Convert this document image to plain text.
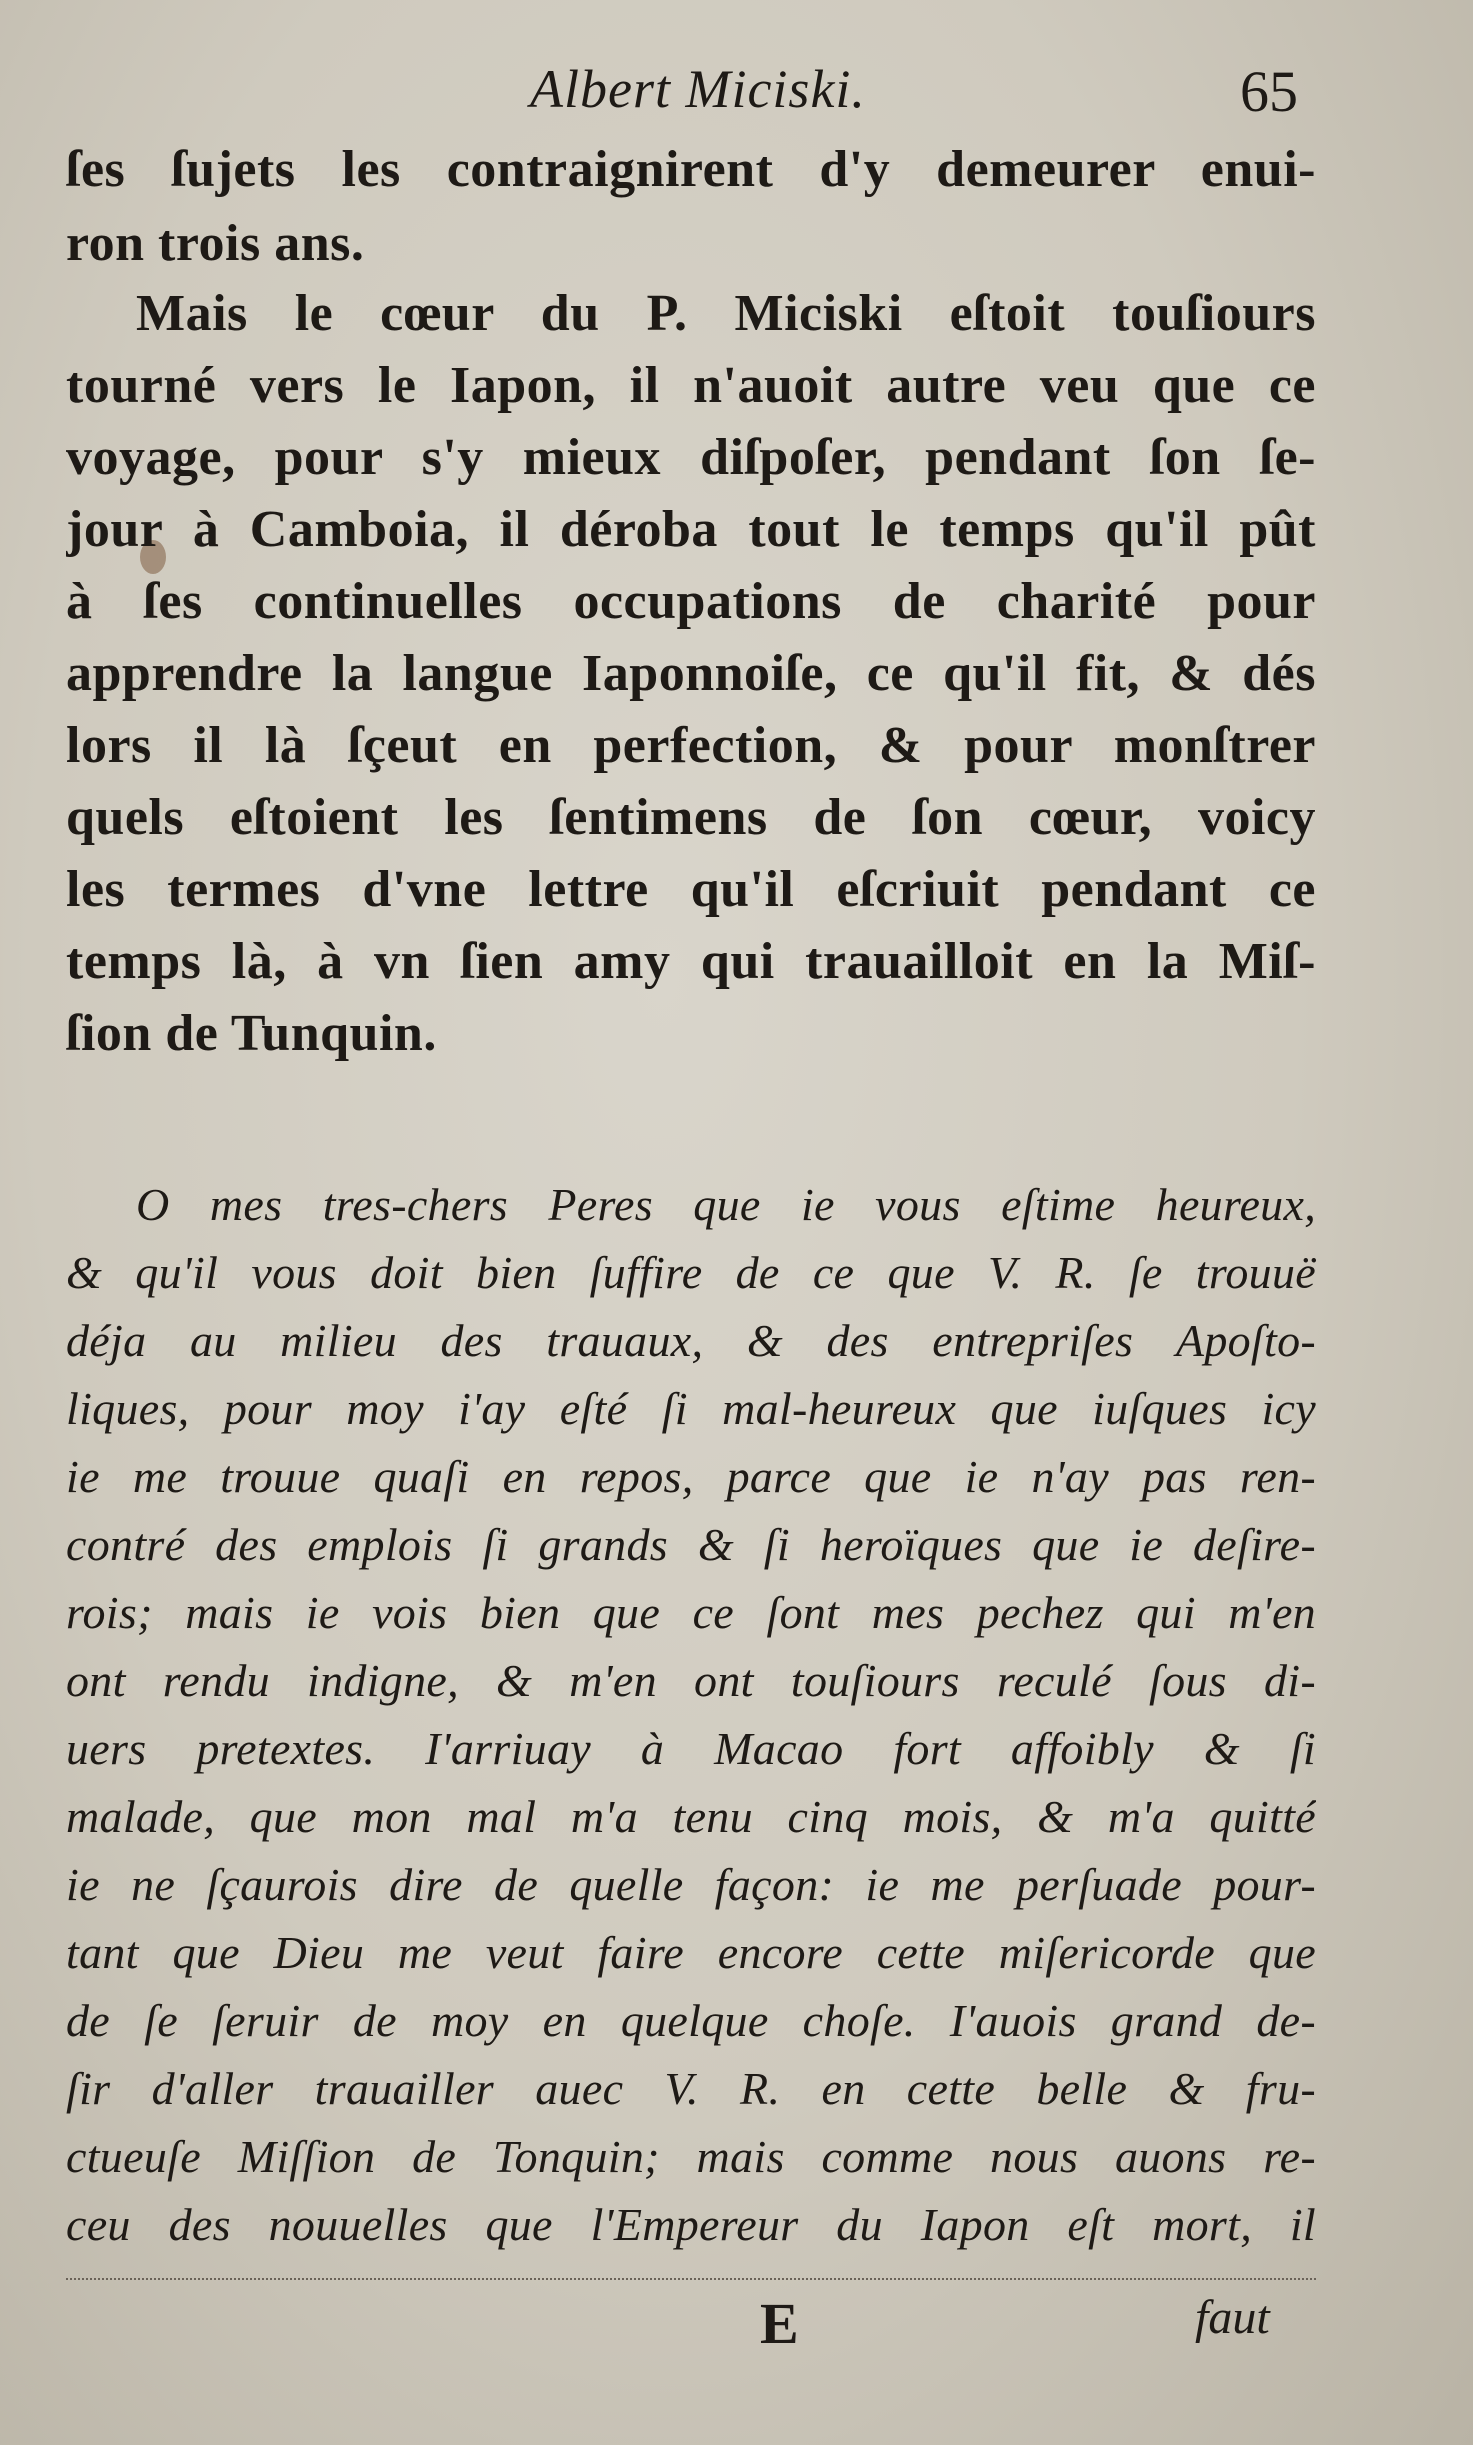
Albert Miciski.	65
ſes ſujets les contraignirent d'y demeurer enui-
ron trois ans.
Mais le cœur du P. Miciski eſtoit touſiours
tourné vers le Iapon, il n'auoit autre veu que ce
voyage, pour s'y mieux diſpoſer, pendant ſon ſe-
jour à Camboia, il déroba tout le temps qu'il pût
à ſes continuelles occupations de charité pour
apprendre la langue Iaponnoiſe, ce qu'il fit, & dés
lors il là ſçeut en perfection, & pour monſtrer
quels eſtoient les ſentimens de ſon cœur, voicy
les termes d'vne lettre qu'il eſcriuit pendant ce
temps là, à vn ſien amy qui trauailloit en la Miſ-
ſion de Tunquin.
O mes tres-chers Peres que ie vous eſtime heureux,
& qu'il vous doit bien ſuffire de ce que V. R. ſe trouuë
déja au milieu des trauaux, & des entrepriſes Apoſto-
liques, pour moy i'ay eſté ſi mal-heureux que iuſques icy
ie me trouue quaſi en repos, parce que ie n'ay pas ren-
contré des emplois ſi grands & ſi heroïques que ie deſire-
rois; mais ie vois bien que ce ſont mes pechez qui m'en
ont rendu indigne, & m'en ont touſiours reculé ſous di-
uers pretextes. I'arriuay à Macao fort affoibly & ſi
malade, que mon mal m'a tenu cinq mois, & m'a quitté
ie ne ſçaurois dire de quelle façon: ie me perſuade pour-
tant que Dieu me veut faire encore cette miſericorde que
de ſe ſeruir de moy en quelque choſe. I'auois grand de-
ſir d'aller trauailler auec V. R. en cette belle & fru-
ctueuſe Miſſion de Tonquin; mais comme nous auons re-
ceu des nouuelles que l'Empereur du Iapon eſt mort, il
E	faut
